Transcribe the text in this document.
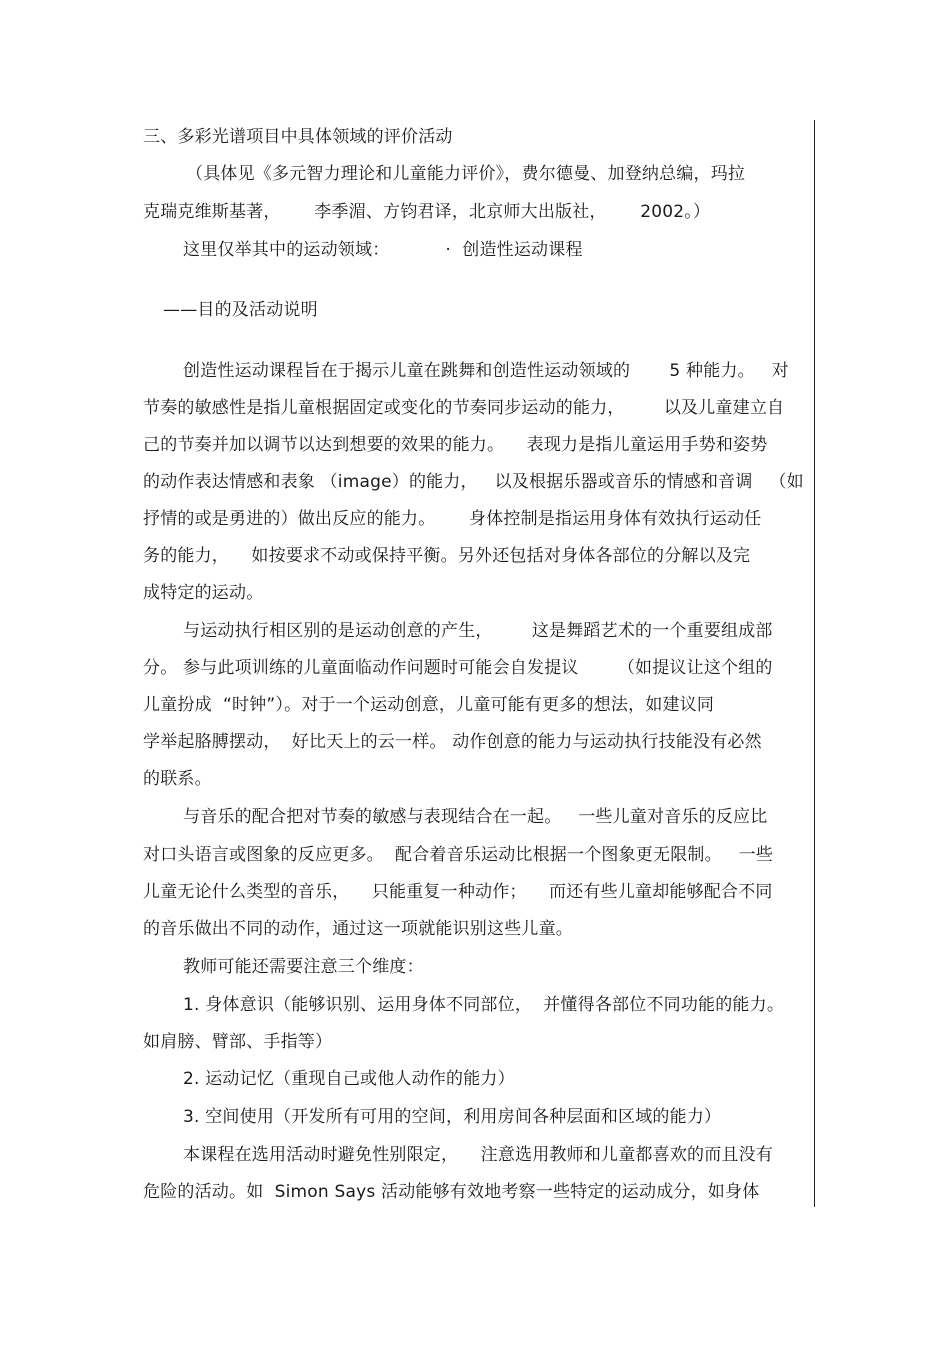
三、多彩光谱项目中具体领域的评价活动
（具体见《多元智力理论和儿童能力评价》，费尔德曼、加登纳总编，玛拉
克瑞克维斯基著，      李季湄、方钧君译，北京师大出版社，      2002。）
这里仅举其中的运动领域：          ·  创造性运动课程
——目的及活动说明
创造性运动课程旨在于揭示儿童在跳舞和创造性运动领域的       5 种能力。   对
节奏的敏感性是指儿童根据固定或变化的节奏同步运动的能力，       以及儿童建立自
己的节奏并加以调节以达到想要的效果的能力。    表现力是指儿童运用手势和姿势
的动作表达情感和表象 （image）的能力，   以及根据乐器或音乐的情感和音调   （如
抒情的或是勇进的）做出反应的能力。      身体控制是指运用身体有效执行运动任
务的能力，    如按要求不动或保持平衡。另外还包括对身体各部位的分解以及完
成特定的运动。
与运动执行相区别的是运动创意的产生，       这是舞蹈艺术的一个重要组成部
分。 参与此项训练的儿童面临动作问题时可能会自发提议       （如提议让这个组的
儿童扮成  “时钟”）。对于一个运动创意，儿童可能有更多的想法，如建议同
学举起胳膊摆动，  好比天上的云一样。 动作创意的能力与运动执行技能没有必然
的联系。
与音乐的配合把对节奏的敏感与表现结合在一起。   一些儿童对音乐的反应比
对口头语言或图象的反应更多。  配合着音乐运动比根据一个图象更无限制。   一些
儿童无论什么类型的音乐，    只能重复一种动作；    而还有些儿童却能够配合不同
的音乐做出不同的动作，通过这一项就能识别这些儿童。
教师可能还需要注意三个维度：
1. 身体意识（能够识别、运用身体不同部位，  并懂得各部位不同功能的能力。
如肩膀、臂部、手指等）
2. 运动记忆（重现自己或他人动作的能力）
3. 空间使用（开发所有可用的空间，利用房间各种层面和区域的能力）
本课程在选用活动时避免性别限定，    注意选用教师和儿童都喜欢的而且没有
危险的活动。如  Simon Says 活动能够有效地考察一些特定的运动成分，如身体
